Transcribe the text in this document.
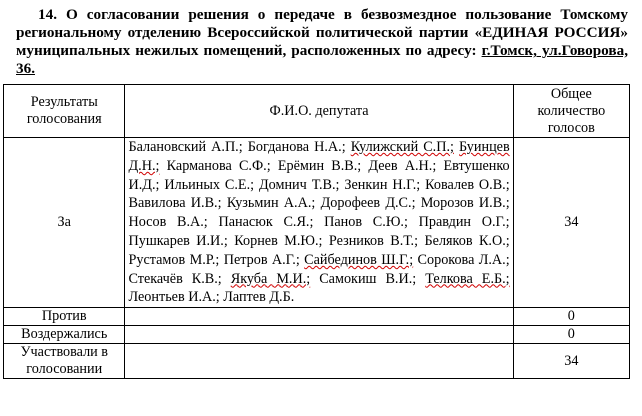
14. О согласовании решения о передаче в безвозмездное пользование Томскому региональному отделению Всероссийской политической партии «ЕДИНАЯ РОССИЯ» муниципальных нежилых помещений, расположенных по адресу: г.Томск, ул.Говорова, 36.
Результаты голосования	Ф.И.О. депутата	Общее количество голосов
За	Балановский А.П.; Богданова Н.А.; Кулижский С.П.; Буинцев Д.Н.; Карманова С.Ф.; Ерёмин В.В.; Деев А.Н.; Евтушенко И.Д.; Ильиных С.Е.; Домнич Т.В.; Зенкин Н.Г.; Ковалев О.В.; Вавилова И.В.; Кузьмин А.А.; Дорофеев Д.С.; Морозов И.В.; Носов В.А.; Панасюк С.Я.; Панов С.Ю.; Правдин О.Г.; Пушкарев И.И.; Корнев М.Ю.; Резников В.Т.; Беляков К.О.; Рустамов М.Р.; Петров А.Г.; Сайбединов Ш.Г.; Сорокова Л.А.; Стекачёв К.В.; Якуба М.И.; Самокиш В.И.; Телкова Е.Б.; Леонтьев И.А.; Лаптев Д.Б.	34
Против		0
Воздержались		0
Участвовали в голосовании		34
